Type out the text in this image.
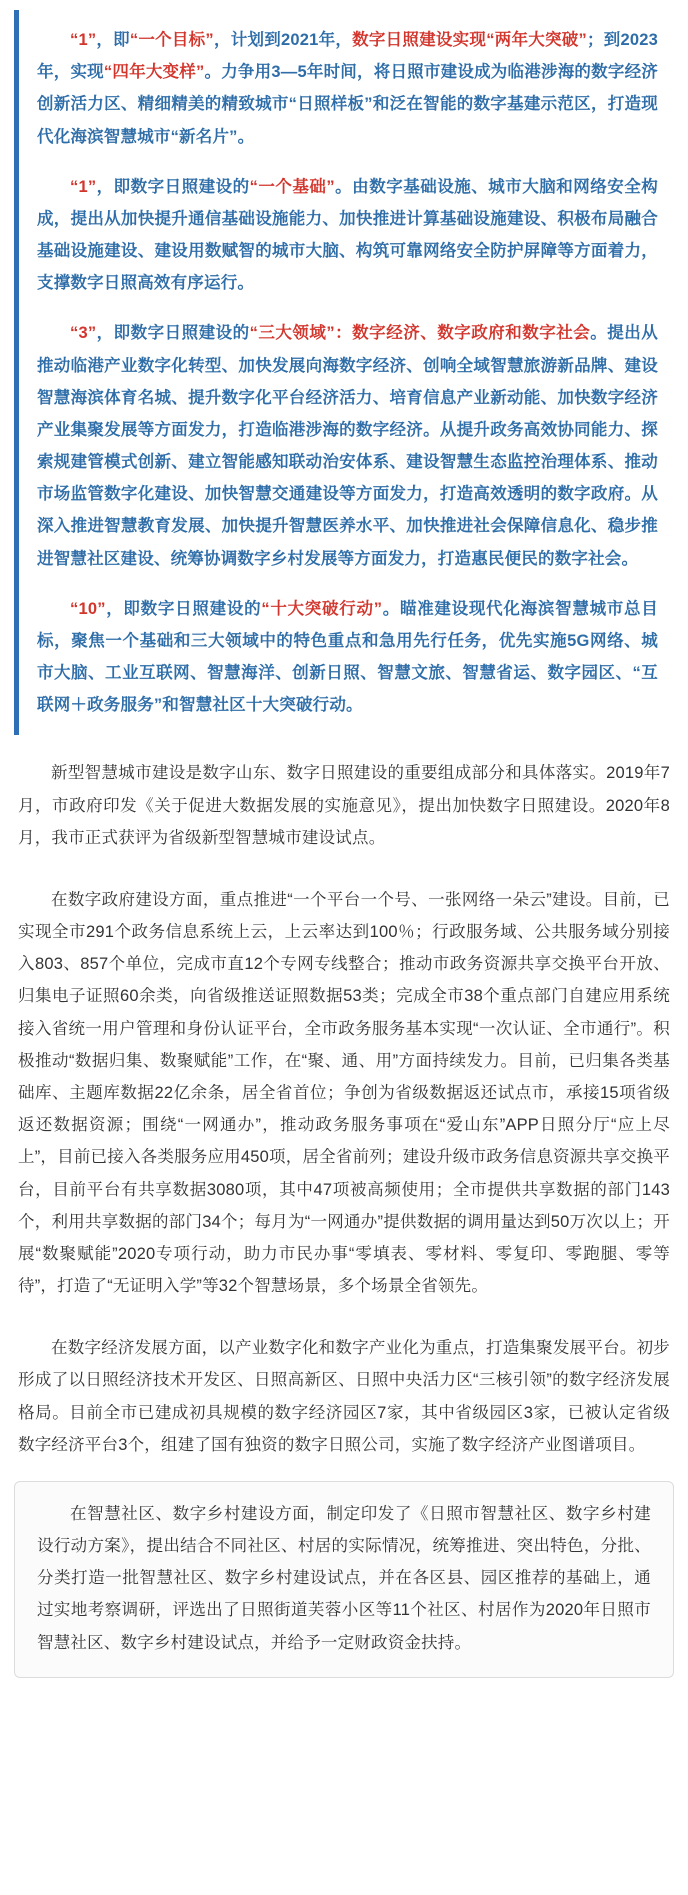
“1”，即“一个目标”，计划到2021年，数字日照建设实现“两年大突破”；到2023年，实现“四年大变样”。力争用3—5年时间，将日照市建设成为临港涉海的数字经济创新活力区、精细精美的精致城市“日照样板”和泛在智能的数字基建示范区，打造现代化海滨智慧城市“新名片”。

“1”，即数字日照建设的“一个基础”。由数字基础设施、城市大脑和网络安全构成，提出从加快提升通信基础设施能力、加快推进计算基础设施建设、积极布局融合基础设施建设、建设用数赋智的城市大脑、构筑可靠网络安全防护屏障等方面着力，支撑数字日照高效有序运行。

“3”，即数字日照建设的“三大领域”：数字经济、数字政府和数字社会。提出从推动临港产业数字化转型、加快发展向海数字经济、创响全域智慧旅游新品牌、建设智慧海滨体育名城、提升数字化平台经济活力、培育信息产业新动能、加快数字经济产业集聚发展等方面发力，打造临港涉海的数字经济。从提升政务高效协同能力、探索规建管模式创新、建立智能感知联动治安体系、建设智慧生态监控治理体系、推动市场监管数字化建设、加快智慧交通建设等方面发力，打造高效透明的数字政府。从深入推进智慧教育发展、加快提升智慧医养水平、加快推进社会保障信息化、稳步推进智慧社区建设、统筹协调数字乡村发展等方面发力，打造惠民便民的数字社会。

“10”，即数字日照建设的“十大突破行动”。瞄准建设现代化海滨智慧城市总目标，聚焦一个基础和三大领域中的特色重点和急用先行任务，优先实施5G网络、城市大脑、工业互联网、智慧海洋、创新日照、智慧文旅、智慧省运、数字园区、“互联网＋政务服务”和智慧社区十大突破行动。

新型智慧城市建设是数字山东、数字日照建设的重要组成部分和具体落实。2019年7月，市政府印发《关于促进大数据发展的实施意见》，提出加快数字日照建设。2020年8月，我市正式获评为省级新型智慧城市建设试点。

在数字政府建设方面，重点推进“一个平台一个号、一张网络一朵云”建设。目前，已实现全市291个政务信息系统上云，上云率达到100％；行政服务域、公共服务域分别接入803、857个单位，完成市直12个专网专线整合；推动市政务资源共享交换平台开放、归集电子证照60余类，向省级推送证照数据53类；完成全市38个重点部门自建应用系统接入省统一用户管理和身份认证平台，全市政务服务基本实现“一次认证、全市通行”。积极推动“数据归集、数聚赋能”工作，在“聚、通、用”方面持续发力。目前，已归集各类基础库、主题库数据22亿余条，居全省首位；争创为省级数据返还试点市，承接15项省级返还数据资源；围绕“一网通办”，推动政务服务事项在“爱山东”APP日照分厅“应上尽上”，目前已接入各类服务应用450项，居全省前列；建设升级市政务信息资源共享交换平台，目前平台有共享数据3080项，其中47项被高频使用；全市提供共享数据的部门143个，利用共享数据的部门34个；每月为“一网通办”提供数据的调用量达到50万次以上；开展“数聚赋能”2020专项行动，助力市民办事“零填表、零材料、零复印、零跑腿、零等待”，打造了“无证明入学”等32个智慧场景，多个场景全省领先。

在数字经济发展方面，以产业数字化和数字产业化为重点，打造集聚发展平台。初步形成了以日照经济技术开发区、日照高新区、日照中央活力区“三核引领”的数字经济发展格局。目前全市已建成初具规模的数字经济园区7家，其中省级园区3家，已被认定省级数字经济平台3个，组建了国有独资的数字日照公司，实施了数字经济产业图谱项目。

在智慧社区、数字乡村建设方面，制定印发了《日照市智慧社区、数字乡村建设行动方案》，提出结合不同社区、村居的实际情况，统筹推进、突出特色，分批、分类打造一批智慧社区、数字乡村建设试点，并在各区县、园区推荐的基础上，通过实地考察调研，评选出了日照街道芙蓉小区等11个社区、村居作为2020年日照市智慧社区、数字乡村建设试点，并给予一定财政资金扶持。
